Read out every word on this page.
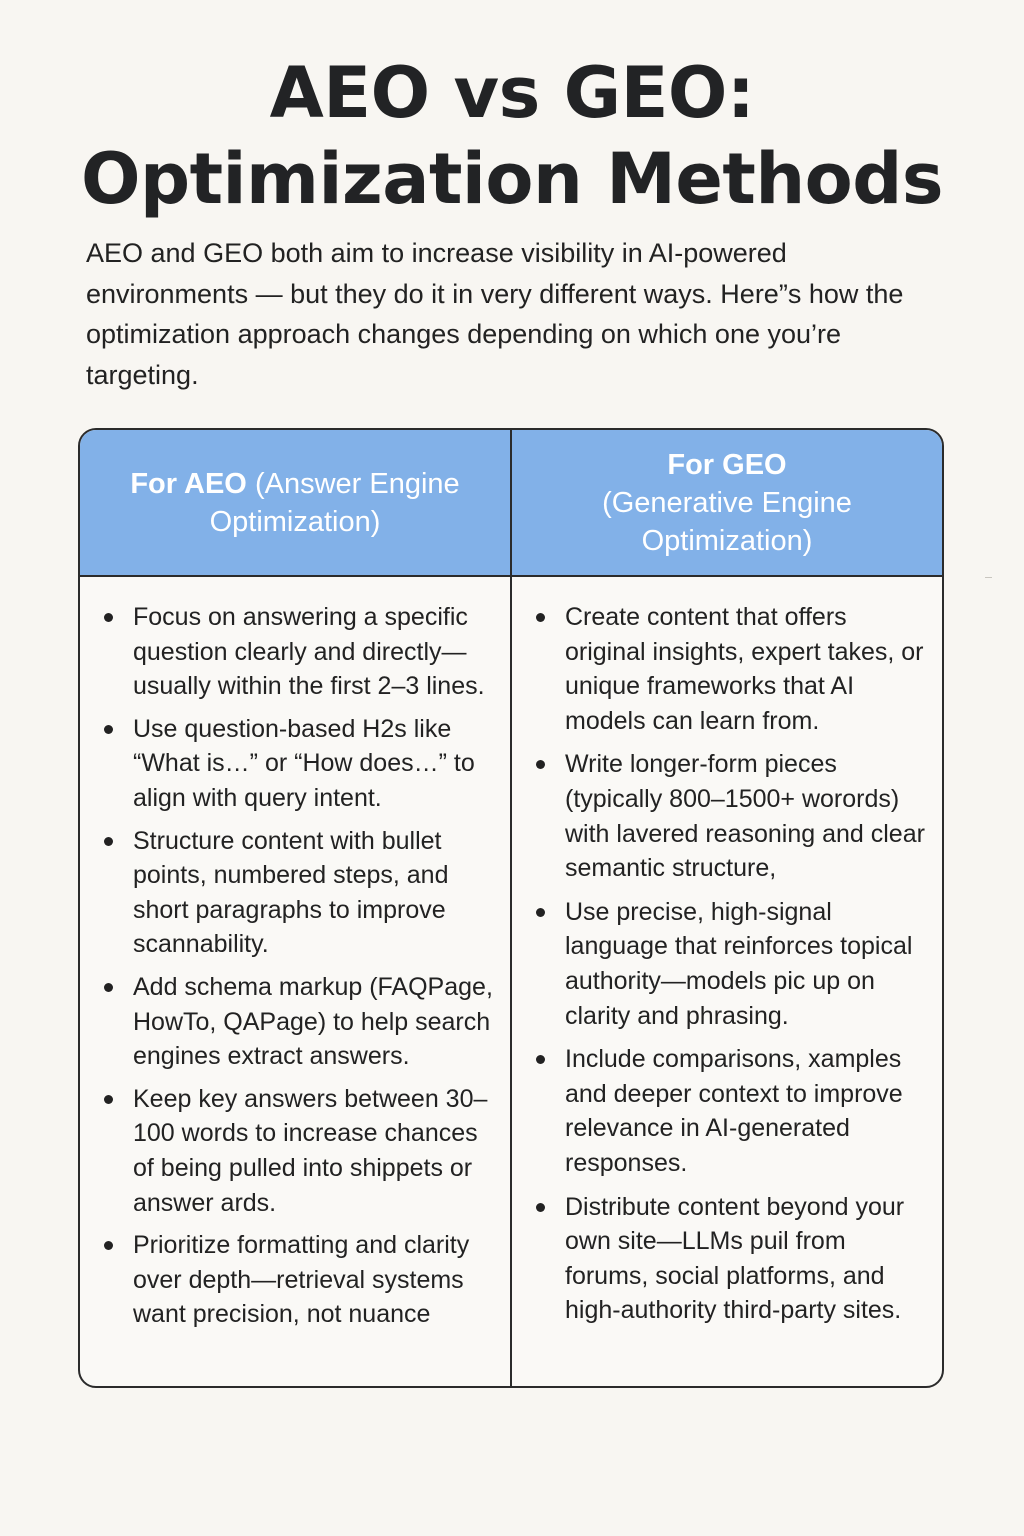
AEO vs GEO:
Optimization Methods

AEO and GEO both aim to increase visibility in AI-powered environments — but they do it in very different ways. Here”s how the optimization approach changes depending on which one you’re targeting.

For AEO (Answer Engine Optimization)
For GEO
(Generative Engine Optimization)
Focus on answering a specific question clearly and directly— usually within the first 2–3 lines.
Use question-based H2s like “What is…” or “How does…” to align with query intent.
Structure content with bullet points, numbered steps, and short paragraphs to improve scannability.
Add schema markup (FAQPage, HowTo, QAPage) to help search engines extract answers.
Keep key answers between 30–100 words to increase chances of being pulled into shippets or answer ards.
Prioritize formatting and clarity over depth—retrieval systems want precision, not nuance
Create content that offers original insights, expert takes, or unique frameworks that AI models can learn from.
Write longer-form pieces (typically 800–1500+ worords) with lavered reasoning and clear semantic structure,
Use precise, high-signal language that reinforces topical authority—models pic up on clarity and phrasing.
Include comparisons, xamples and deeper context to improve relevance in AI-generated responses.
Distribute content beyond your own site—LLMs puil from forums, social platforms, and high-authority third-party sites.
